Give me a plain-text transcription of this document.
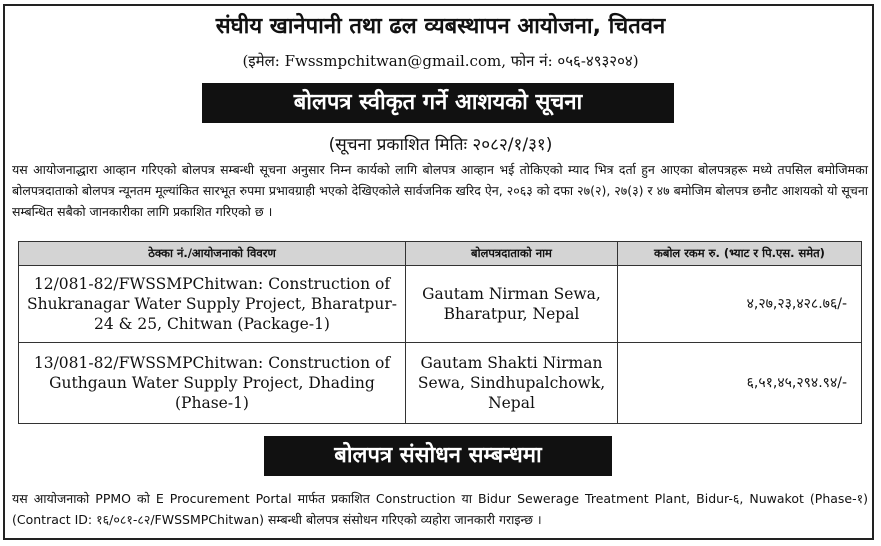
संघीय खानेपानी तथा ढल व्यबस्थापन आयोजना, चितवन
(इमेल: Fwssmpchitwan@gmail.com, फोन नं: ०५६-४९३२०४)
बोलपत्र स्वीकृत गर्ने आशयको सूचना
(सूचना प्रकाशित मितिः २०८२/१/३१)

यस आयोजनाद्धारा आव्हान गरिएको बोलपत्र सम्बन्धी सूचना अनुसार निम्न कार्यको लागि बोलपत्र आव्हान भई तोकिएको म्याद भित्र दर्ता हुन आएका बोलपत्रहरू मध्ये तपसिल बमोजिमका बोलपत्रदाताको बोलपत्र न्यूनतम मूल्यांकित सारभूत रुपमा प्रभावग्राही भएको देखिएकोले सार्वजनिक खरिद ऐन, २०६३ को दफा २७(२), २७(३) र ४७ बमोजिम बोलपत्र छनौट आशयको यो सूचना सम्बन्धित सबैको जानकारीका लागि प्रकाशित गरिएको छ ।

ठेक्का नं./आयोजनाको विवरण	बोलपत्रदाताको नाम	कबोल रकम रु. (भ्याट र पि.एस. समेत)
12/081-82/FWSSMPChitwan: Construction of Shukranagar Water Supply Project, Bharatpur-24 & 25, Chitwan (Package-1)	Gautam Nirman Sewa, Bharatpur, Nepal	४,२७,२३,४२८.७६/-
13/081-82/FWSSMPChitwan: Construction of Guthgaun Water Supply Project, Dhading (Phase-1)	Gautam Shakti Nirman Sewa, Sindhupalchowk, Nepal	६,५१,४५,२९४.९४/-
बोलपत्र संसोधन सम्बन्धमा

यस आयोजनाको PPMO को E Procurement Portal मार्फत प्रकाशित Construction या Bidur Sewerage Treatment Plant, Bidur-६, Nuwakot (Phase-१) (Contract ID: १६/०८१-८२/FWSSMPChitwan) सम्बन्धी बोलपत्र संसोधन गरिएको व्यहोरा जानकारी गराइन्छ ।
